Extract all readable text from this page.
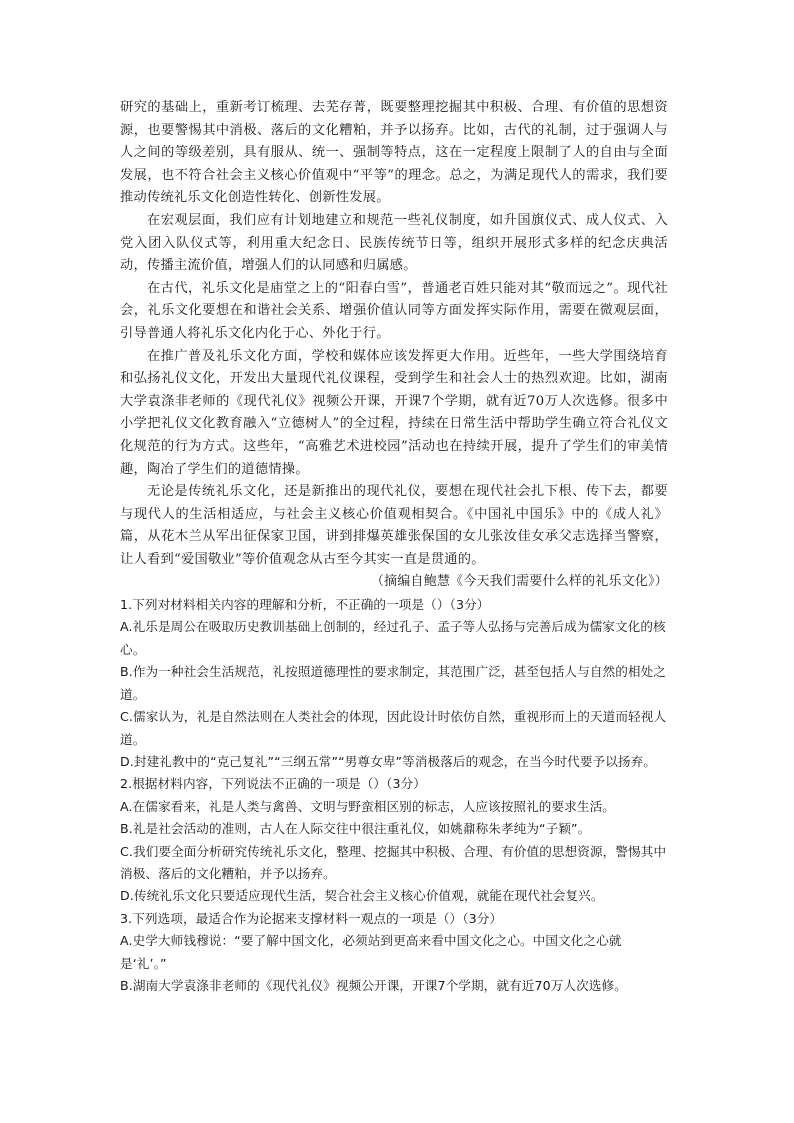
研究的基础上，重新考订梳理、去芜存菁，既要整理挖掘其中积极、合理、有价值的思想资源，也要警惕其中消极、落后的文化糟粕，并予以扬弃。比如，古代的礼制，过于强调人与人之间的等级差别，具有服从、统一、强制等特点，这在一定程度上限制了人的自由与全面发展，也不符合社会主义核心价值观中“平等”的理念。总之，为满足现代人的需求，我们要推动传统礼乐文化创造性转化、创新性发展。

在宏观层面，我们应有计划地建立和规范一些礼仪制度，如升国旗仪式、成人仪式、入党入团入队仪式等，利用重大纪念日、民族传统节日等，组织开展形式多样的纪念庆典活动，传播主流价值，增强人们的认同感和归属感。

在古代，礼乐文化是庙堂之上的“阳春白雪”，普通老百姓只能对其“敬而远之”。现代社会，礼乐文化要想在和谐社会关系、增强价值认同等方面发挥实际作用，需要在微观层面，引导普通人将礼乐文化内化于心、外化于行。

在推广普及礼乐文化方面，学校和媒体应该发挥更大作用。近些年，一些大学围绕培育和弘扬礼仪文化，开发出大量现代礼仪课程，受到学生和社会人士的热烈欢迎。比如，湖南大学袁涤非老师的《现代礼仪》视频公开课，开课7个学期，就有近70万人次选修。很多中小学把礼仪文化教育融入“立德树人”的全过程，持续在日常生活中帮助学生确立符合礼仪文化规范的行为方式。这些年，“高雅艺术进校园”活动也在持续开展，提升了学生们的审美情趣，陶冶了学生们的道德情操。

无论是传统礼乐文化，还是新推出的现代礼仪，要想在现代社会扎下根、传下去，都要与现代人的生活相适应，与社会主义核心价值观相契合。《中国礼中国乐》中的《成人礼》篇，从花木兰从军出征保家卫国，讲到排爆英雄张保国的女儿张汝佳女承父志选择当警察，让人看到“爱国敬业”等价值观念从古至今其实一直是贯通的。

（摘编自鲍慧《今天我们需要什么样的礼乐文化》）

1.下列对材料相关内容的理解和分析，不正确的一项是（）（3分）

A.礼乐是周公在吸取历史教训基础上创制的，经过孔子、孟子等人弘扬与完善后成为儒家文化的核心。

B.作为一种社会生活规范，礼按照道德理性的要求制定，其范围广泛，甚至包括人与自然的相处之道。

C.儒家认为，礼是自然法则在人类社会的体现，因此设计时依仿自然，重视形而上的天道而轻视人道。

D.封建礼教中的“克己复礼”“三纲五常”“男尊女卑”等消极落后的观念，在当今时代要予以扬弃。

2.根据材料内容，下列说法不正确的一项是（）（3分）

A.在儒家看来，礼是人类与禽兽、文明与野蛮相区别的标志，人应该按照礼的要求生活。

B.礼是社会活动的准则，古人在人际交往中很注重礼仪，如姚鼐称朱孝纯为“子颖”。

C.我们要全面分析研究传统礼乐文化，整理、挖掘其中积极、合理、有价值的思想资源，警惕其中消极、落后的文化糟粕，并予以扬弃。

D.传统礼乐文化只要适应现代生活，契合社会主义核心价值观，就能在现代社会复兴。

3.下列选项，最适合作为论据来支撑材料一观点的一项是（）（3分）

A.史学大师钱穆说：“要了解中国文化，必须站到更高来看中国文化之心。中国文化之心就是‘礼’。”

B.湖南大学袁涤非老师的《现代礼仪》视频公开课，开课7个学期，就有近70万人次选修。
